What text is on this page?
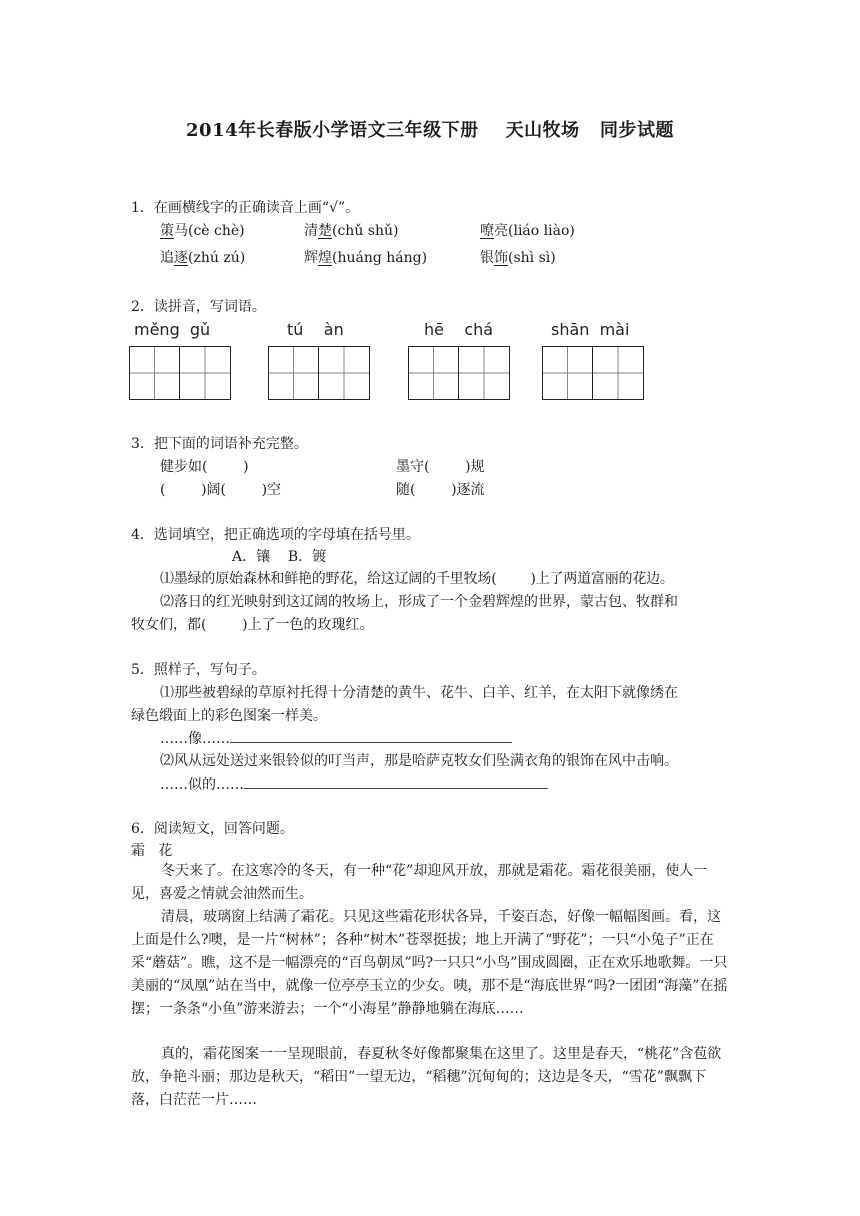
2014年长春版小学语文三年级下册    天山牧场   同步试题
1．在画横线字的正确读音上画“√”。
策马(cè chè)	清楚(chǔ shǔ)	嘹亮(liáo liào)
追逐(zhú zú)	辉煌(huáng háng)	银饰(shì sì)
2．读拼音，写词语。
měng  gǔ	tú    àn	hē    chá	shān  mài
3．把下面的词语补充完整。
健步如(        )	墨守(        )规
(        )阔(        )空	随(        )逐流
4．选词填空，把正确选项的字母填在括号里。
A．镶    B．镀
⑴墨绿的原始森林和鲜艳的野花，给这辽阔的千里牧场(        )上了两道富丽的花边。
⑵落日的红光映射到这辽阔的牧场上，形成了一个金碧辉煌的世界，蒙古包、牧群和
牧女们，都(        )上了一色的玫瑰红。
5．照样子，写句子。
⑴那些被碧绿的草原衬托得十分清楚的黄牛、花牛、白羊、红羊，在太阳下就像绣在
绿色缎面上的彩色图案一样美。
……像……
⑵风从远处送过来银铃似的叮当声，那是哈萨克牧女们坠满衣角的银饰在风中击响。
……似的……
6．阅读短文，回答问题。
霜   花
冬天来了。在这寒冷的冬天，有一种“花”却迎风开放，那就是霜花。霜花很美丽，使人一见，喜爱之情就会油然而生。
清晨，玻璃窗上结满了霜花。只见这些霜花形状各异，千姿百态，好像一幅幅图画。看，这上面是什么?噢，是一片“树林”；各种“树木”苍翠挺拔；地上开满了“野花”；一只“小兔子”正在采“蘑菇”。瞧，这不是一幅漂亮的“百鸟朝凤”吗?一只只“小鸟”围成圆圈，正在欢乐地歌舞。一只美丽的“凤凰”站在当中，就像一位亭亭玉立的少女。咦，那不是“海底世界”吗?一团团“海藻”在摇摆；一条条“小鱼”游来游去；一个“小海星”静静地躺在海底……
真的，霜花图案一一呈现眼前，春夏秋冬好像都聚集在这里了。这里是春天，“桃花”含苞欲放，争艳斗丽；那边是秋天，“稻田”一望无边，“稻穗”沉甸甸的；这边是冬天，“雪花”飘飘下落，白茫茫一片……
